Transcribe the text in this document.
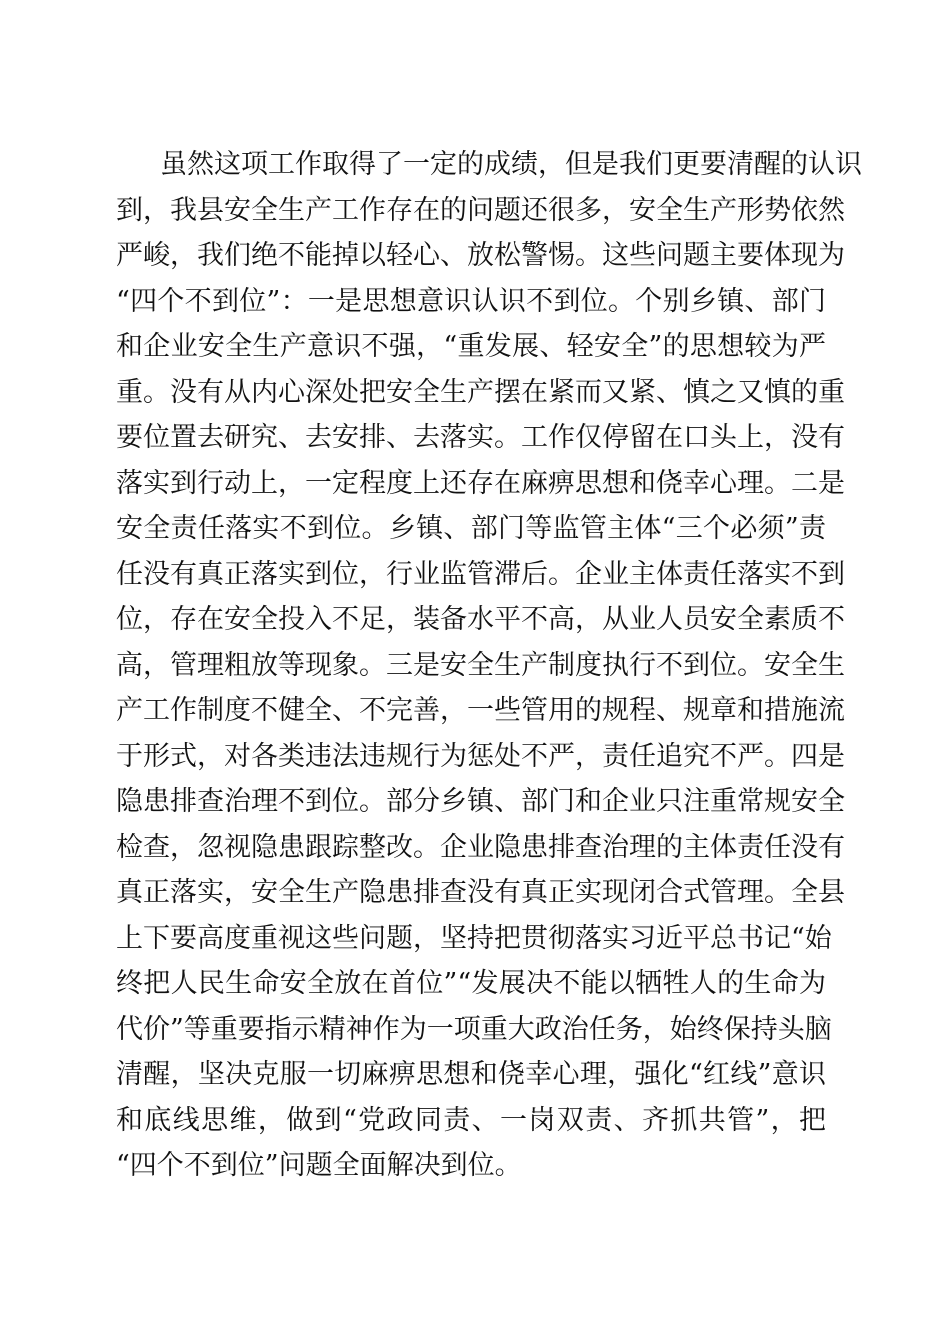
虽然这项工作取得了一定的成绩，但是我们更要清醒的认识
到，我县安全生产工作存在的问题还很多，安全生产形势依然
严峻，我们绝不能掉以轻心、放松警惕。这些问题主要体现为
“四个不到位”：一是思想意识认识不到位。个别乡镇、部门
和企业安全生产意识不强，“重发展、轻安全”的思想较为严
重。没有从内心深处把安全生产摆在紧而又紧、慎之又慎的重
要位置去研究、去安排、去落实。工作仅停留在口头上，没有
落实到行动上，一定程度上还存在麻痹思想和侥幸心理。二是
安全责任落实不到位。乡镇、部门等监管主体“三个必须”责
任没有真正落实到位，行业监管滞后。企业主体责任落实不到
位，存在安全投入不足，装备水平不高，从业人员安全素质不
高，管理粗放等现象。三是安全生产制度执行不到位。安全生
产工作制度不健全、不完善，一些管用的规程、规章和措施流
于形式，对各类违法违规行为惩处不严，责任追究不严。四是
隐患排查治理不到位。部分乡镇、部门和企业只注重常规安全
检查，忽视隐患跟踪整改。企业隐患排查治理的主体责任没有
真正落实，安全生产隐患排查没有真正实现闭合式管理。全县
上下要高度重视这些问题，坚持把贯彻落实习近平总书记“始
终把人民生命安全放在首位”“发展决不能以牺牲人的生命为
代价”等重要指示精神作为一项重大政治任务，始终保持头脑
清醒，坚决克服一切麻痹思想和侥幸心理，强化“红线”意识
和底线思维，做到“党政同责、一岗双责、齐抓共管”，把
“四个不到位”问题全面解决到位。
